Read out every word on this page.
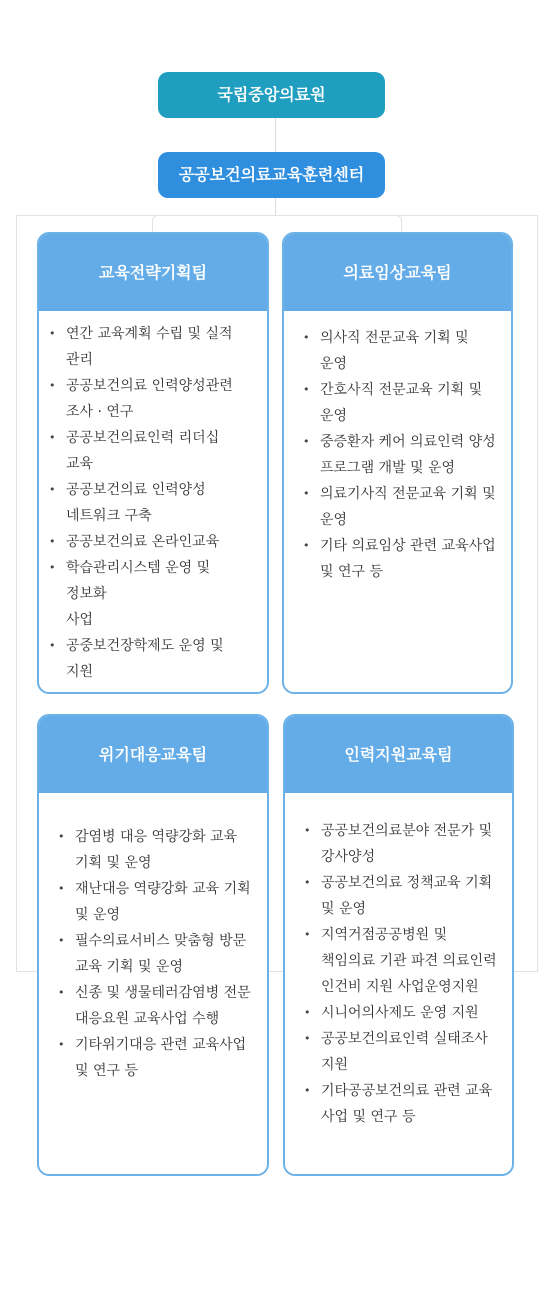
국립중앙의료원
공공보건의료교육훈련센터
교육전략기획팀
• 연간 교육계획 수립 및 실적
관리
• 공공보건의료 인력양성관련
조사 · 연구
• 공공보건의료인력 리더십
교육
• 공공보건의료 인력양성
네트워크 구축
• 공공보건의료 온라인교육
• 학습관리시스템 운영 및
정보화
사업
• 공중보건장학제도 운영 및
지원
의료임상교육팀
• 의사직 전문교육 기획 및
운영
• 간호사직 전문교육 기획 및
운영
• 중증환자 케어 의료인력 양성
프로그램 개발 및 운영
• 의료기사직 전문교육 기획 및
운영
• 기타 의료임상 관련 교육사업
및 연구 등
위기대응교육팀
• 감염병 대응 역량강화 교육
기획 및 운영
• 재난대응 역량강화 교육 기획
및 운영
• 필수의료서비스 맞춤형 방문
교육 기획 및 운영
• 신종 및 생물테러감염병 전문
대응요원 교육사업 수행
• 기타위기대응 관련 교육사업
및 연구 등
인력지원교육팀
• 공공보건의료분야 전문가 및
강사양성
• 공공보건의료 정책교육 기획
및 운영
• 지역거점공공병원 및
책임의료 기관 파견 의료인력
인건비 지원 사업운영지원
• 시니어의사제도 운영 지원
• 공공보건의료인력 실태조사
지원
• 기타공공보건의료 관련 교육
사업 및 연구 등
